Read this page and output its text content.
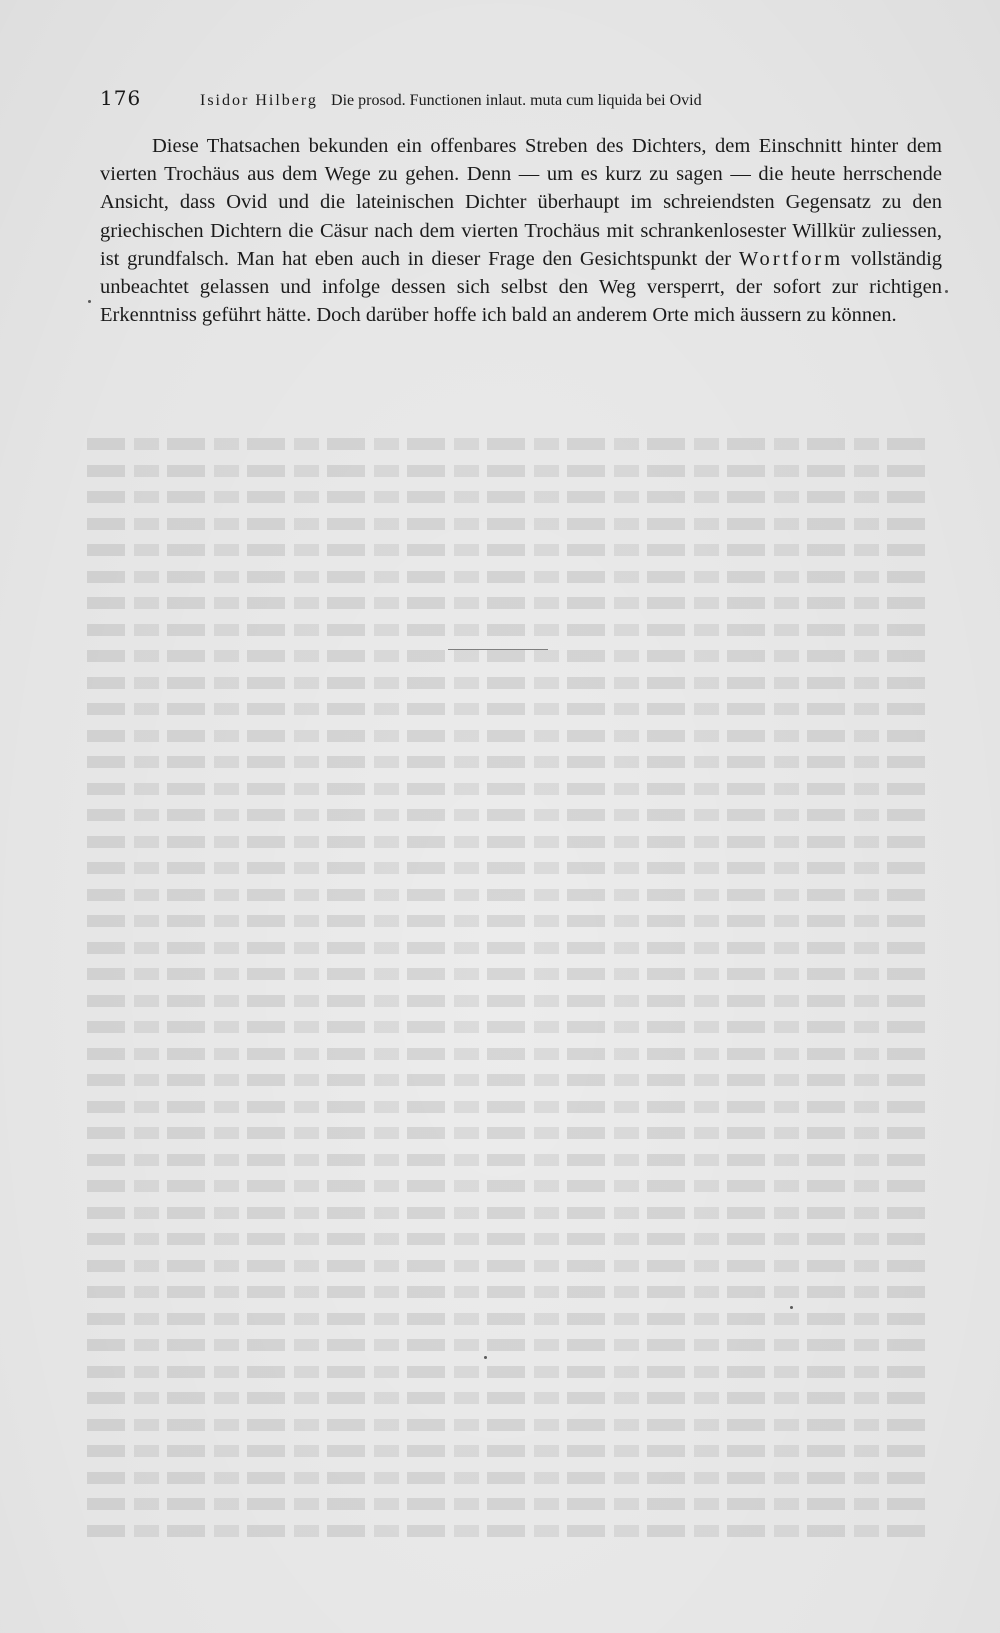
176	Isidor Hilberg Die prosod. Functionen inlaut. muta cum liquida bei Ovid

Diese Thatsachen bekunden ein offenbares Streben des Dichters, dem Einschnitt hinter dem vierten Trochäus aus dem Wege zu gehen. Denn — um es kurz zu sagen — die heute herrschende Ansicht, dass Ovid und die lateinischen Dichter überhaupt im schreiendsten Gegensatz zu den griechischen Dichtern die Cäsur nach dem vierten Trochäus mit schrankenlosester Willkür zuliessen, ist grundfalsch. Man hat eben auch in dieser Frage den Gesichtspunkt der Wortform vollständig unbeachtet gelassen und infolge dessen sich selbst den Weg versperrt, der sofort zur richtigen Erkenntniss geführt hätte. Doch darüber hoffe ich bald an anderem Orte mich äussern zu können.
